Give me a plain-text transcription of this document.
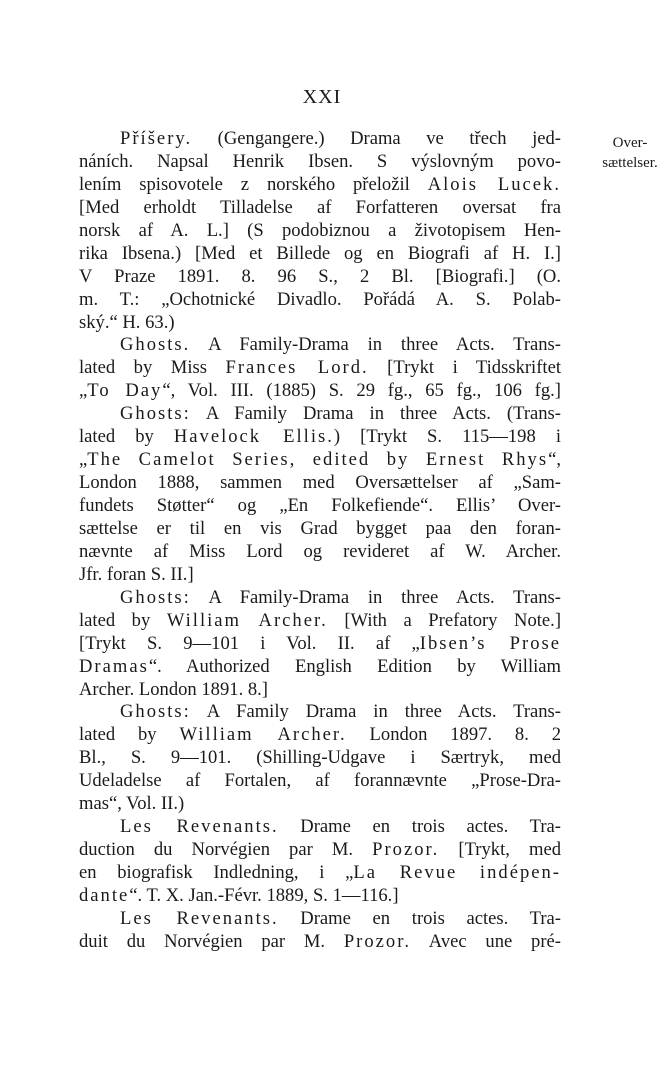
XXI
Over-
sættelser.
Příšery. (Gengangere.) Drama ve třech jed-
náních. Napsal Henrik Ibsen. S výslovným povo-
lením spisovotele z norského přeložil Alois Lucek.
[Med erholdt Tilladelse af Forfatteren oversat fra
norsk af A. L.] (S podobiznou a životopisem Hen-
rika Ibsena.) [Med et Billede og en Biografi af H. I.]
V Praze 1891. 8. 96 S., 2 Bl. [Biografi.] (O.
m. T.: „Ochotnické Divadlo. Pořádá A. S. Polab-
ský.“ H. 63.)
Ghosts. A Family-Drama in three Acts. Trans-
lated by Miss Frances Lord. [Trykt i Tidsskriftet
„To Day“, Vol. III. (1885) S. 29 fg., 65 fg., 106 fg.]
Ghosts: A Family Drama in three Acts. (Trans-
lated by Havelock Ellis.) [Trykt S. 115—198 i
„The Camelot Series, edited by Ernest Rhys“,
London 1888, sammen med Oversættelser af „Sam-
fundets Støtter“ og „En Folkefiende“. Ellis’ Over-
sættelse er til en vis Grad bygget paa den foran-
nævnte af Miss Lord og revideret af W. Archer.
Jfr. foran S. II.]
Ghosts: A Family-Drama in three Acts. Trans-
lated by William Archer. [With a Prefatory Note.]
[Trykt S. 9—101 i Vol. II. af „Ibsen’s Prose
Dramas“. Authorized English Edition by William
Archer. London 1891. 8.]
Ghosts: A Family Drama in three Acts. Trans-
lated by William Archer. London 1897. 8. 2
Bl., S. 9—101. (Shilling-Udgave i Særtryk, med
Udeladelse af Fortalen, af forannævnte „Prose-Dra-
mas“, Vol. II.)
Les Revenants. Drame en trois actes. Tra-
duction du Norvégien par M. Prozor. [Trykt, med
en biografisk Indledning, i „La Revue indépen-
dante“. T. X. Jan.-Févr. 1889, S. 1—116.]
Les Revenants. Drame en trois actes. Tra-
duit du Norvégien par M. Prozor. Avec une pré-
